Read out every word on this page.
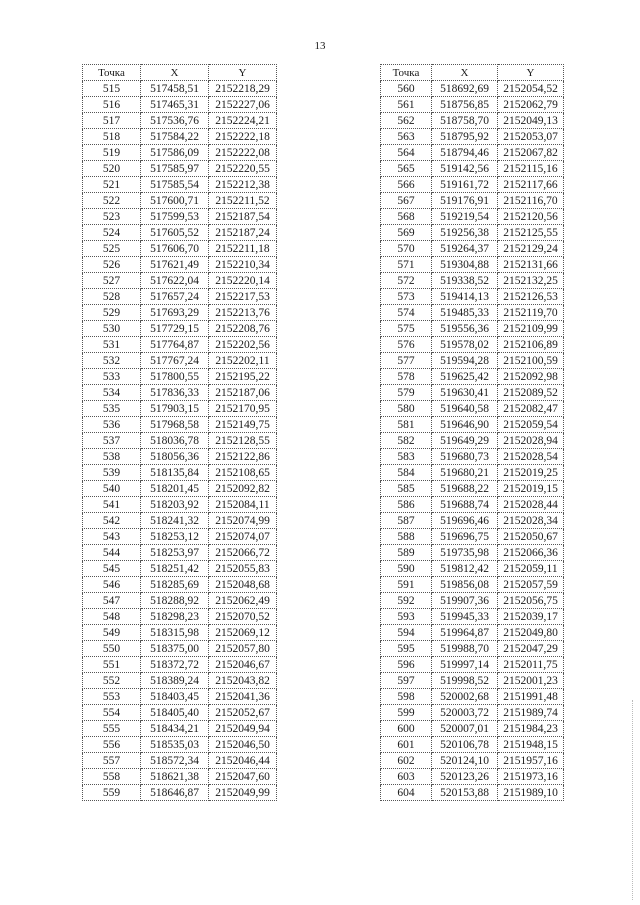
13
Точка	X	Y
515	517458,51	2152218,29
516	517465,31	2152227,06
517	517536,76	2152224,21
518	517584,22	2152222,18
519	517586,09	2152222,08
520	517585,97	2152220,55
521	517585,54	2152212,38
522	517600,71	2152211,52
523	517599,53	2152187,54
524	517605,52	2152187,24
525	517606,70	2152211,18
526	517621,49	2152210,34
527	517622,04	2152220,14
528	517657,24	2152217,53
529	517693,29	2152213,76
530	517729,15	2152208,76
531	517764,87	2152202,56
532	517767,24	2152202,11
533	517800,55	2152195,22
534	517836,33	2152187,06
535	517903,15	2152170,95
536	517968,58	2152149,75
537	518036,78	2152128,55
538	518056,36	2152122,86
539	518135,84	2152108,65
540	518201,45	2152092,82
541	518203,92	2152084,11
542	518241,32	2152074,99
543	518253,12	2152074,07
544	518253,97	2152066,72
545	518251,42	2152055,83
546	518285,69	2152048,68
547	518288,92	2152062,49
548	518298,23	2152070,52
549	518315,98	2152069,12
550	518375,00	2152057,80
551	518372,72	2152046,67
552	518389,24	2152043,82
553	518403,45	2152041,36
554	518405,40	2152052,67
555	518434,21	2152049,94
556	518535,03	2152046,50
557	518572,34	2152046,44
558	518621,38	2152047,60
559	518646,87	2152049,99
Точка	X	Y
560	518692,69	2152054,52
561	518756,85	2152062,79
562	518758,70	2152049,13
563	518795,92	2152053,07
564	518794,46	2152067,82
565	519142,56	2152115,16
566	519161,72	2152117,66
567	519176,91	2152116,70
568	519219,54	2152120,56
569	519256,38	2152125,55
570	519264,37	2152129,24
571	519304,88	2152131,66
572	519338,52	2152132,25
573	519414,13	2152126,53
574	519485,33	2152119,70
575	519556,36	2152109,99
576	519578,02	2152106,89
577	519594,28	2152100,59
578	519625,42	2152092,98
579	519630,41	2152089,52
580	519640,58	2152082,47
581	519646,90	2152059,54
582	519649,29	2152028,94
583	519680,73	2152028,54
584	519680,21	2152019,25
585	519688,22	2152019,15
586	519688,74	2152028,44
587	519696,46	2152028,34
588	519696,75	2152050,67
589	519735,98	2152066,36
590	519812,42	2152059,11
591	519856,08	2152057,59
592	519907,36	2152056,75
593	519945,33	2152039,17
594	519964,87	2152049,80
595	519988,70	2152047,29
596	519997,14	2152011,75
597	519998,52	2152001,23
598	520002,68	2151991,48
599	520003,72	2151989,74
600	520007,01	2151984,23
601	520106,78	2151948,15
602	520124,10	2151957,16
603	520123,26	2151973,16
604	520153,88	2151989,10
